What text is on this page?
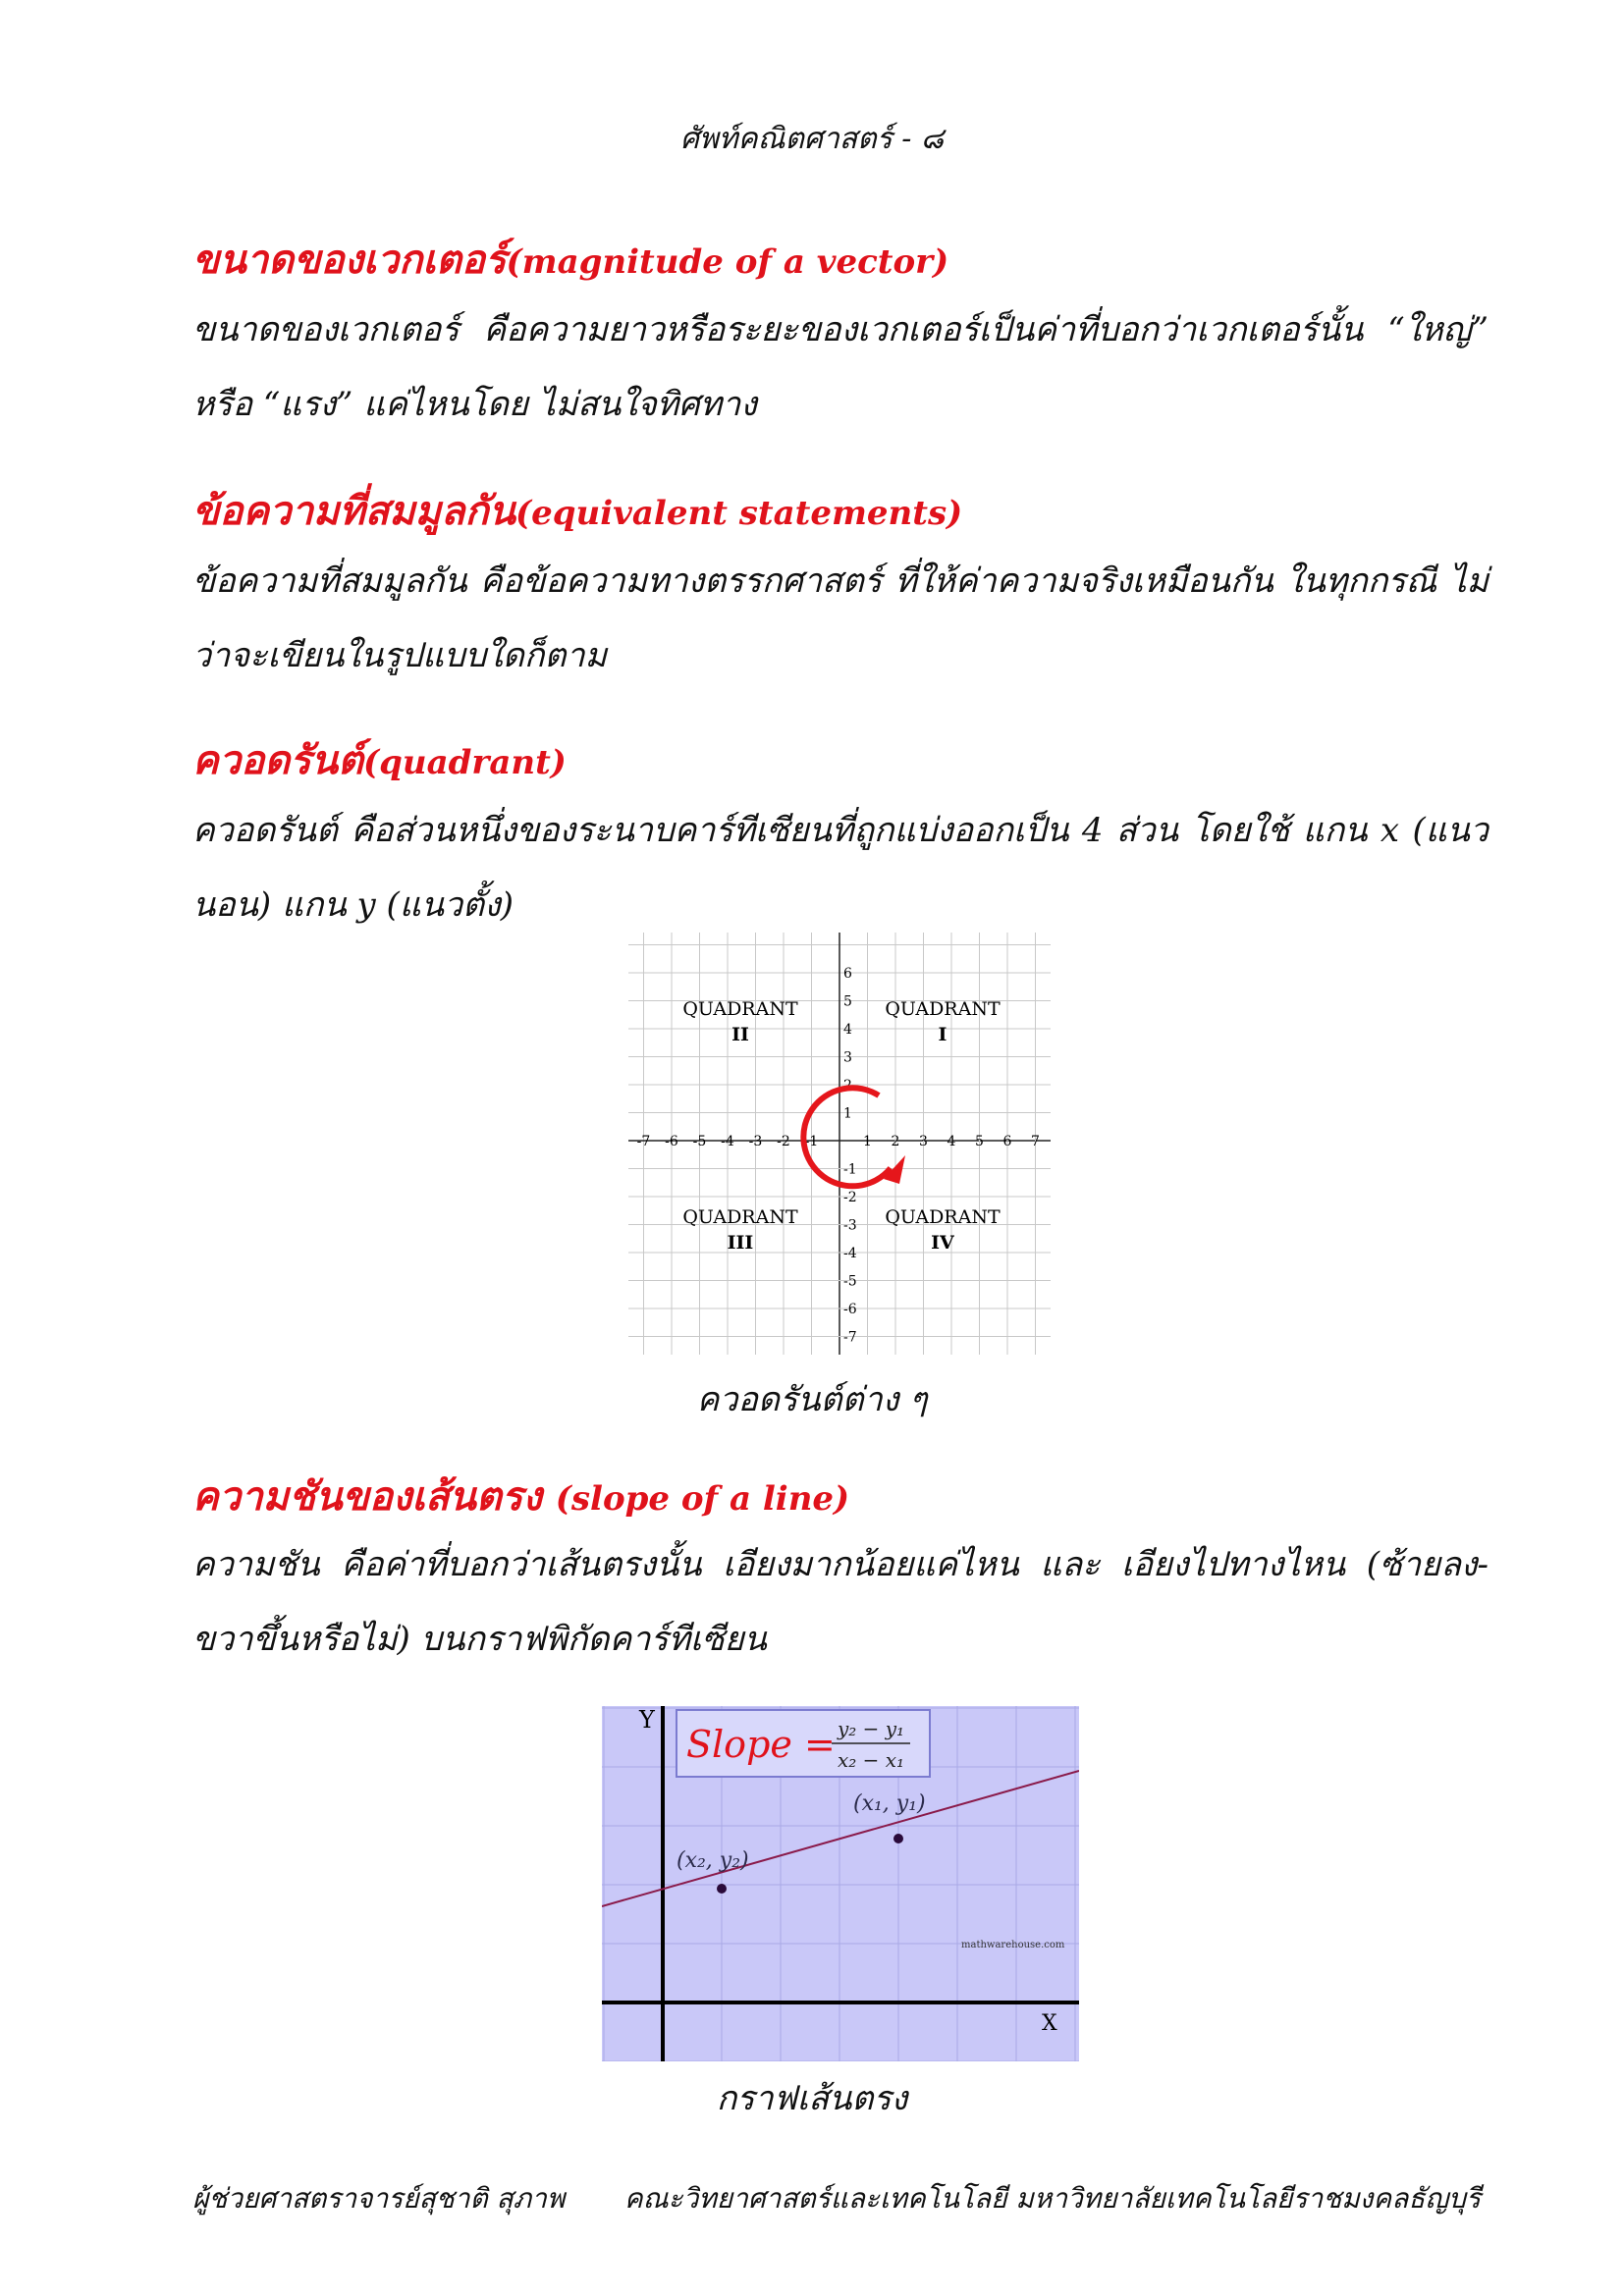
ศัพท์คณิตศาสตร์ - ๘
ขนาดของเวกเตอร์(magnitude of a vector)
ขนาดของเวกเตอร์ คือความยาวหรือระยะของเวกเตอร์เป็นค่าที่บอกว่าเวกเตอร์นั้น “ใหญ่” หรือ “แรง” แค่ไหนโดย ไม่สนใจทิศทาง
ข้อความที่สมมูลกัน(equivalent statements)
ข้อความที่สมมูลกัน คือข้อความทางตรรกศาสตร์ ที่ให้ค่าความจริงเหมือนกัน ในทุกกรณี ไม่ว่าจะเขียนในรูปแบบใดก็ตาม
ควอดรันต์(quadrant)
ควอดรันต์ คือส่วนหนึ่งของระนาบคาร์ทีเซียนที่ถูกแบ่งออกเป็น 4 ส่วน โดยใช้ แกน x (แนวนอน) แกน y (แนวตั้ง)
-7 -6 -5 -4 -3 -2 -1	1 2 3 4 5 6 7
6
5
4
3
2
1
-1
-2
-3
-4
-5
-6
-7
QUADRANT
II
QUADRANT
I
QUADRANT
III
QUADRANT
IV
ควอดรันต์ต่าง ๆ
ความชันของเส้นตรง (slope of a line)
ความชัน คือค่าที่บอกว่าเส้นตรงนั้น เอียงมากน้อยแค่ไหน และ เอียงไปทางไหน (ซ้ายลง-ขวาขึ้นหรือไม่) บนกราฟพิกัดคาร์ทีเซียน
Y
X
(x₁, y₁)
(x₂, y₂)
mathwarehouse.com
Slope = y₂ − y₁
x₂ − x₁
กราฟเส้นตรง
ผู้ช่วยศาสตราจารย์สุชาติ สุภาพ คณะวิทยาศาสตร์และเทคโนโลยี มหาวิทยาลัยเทคโนโลยีราชมงคลธัญบุรี
